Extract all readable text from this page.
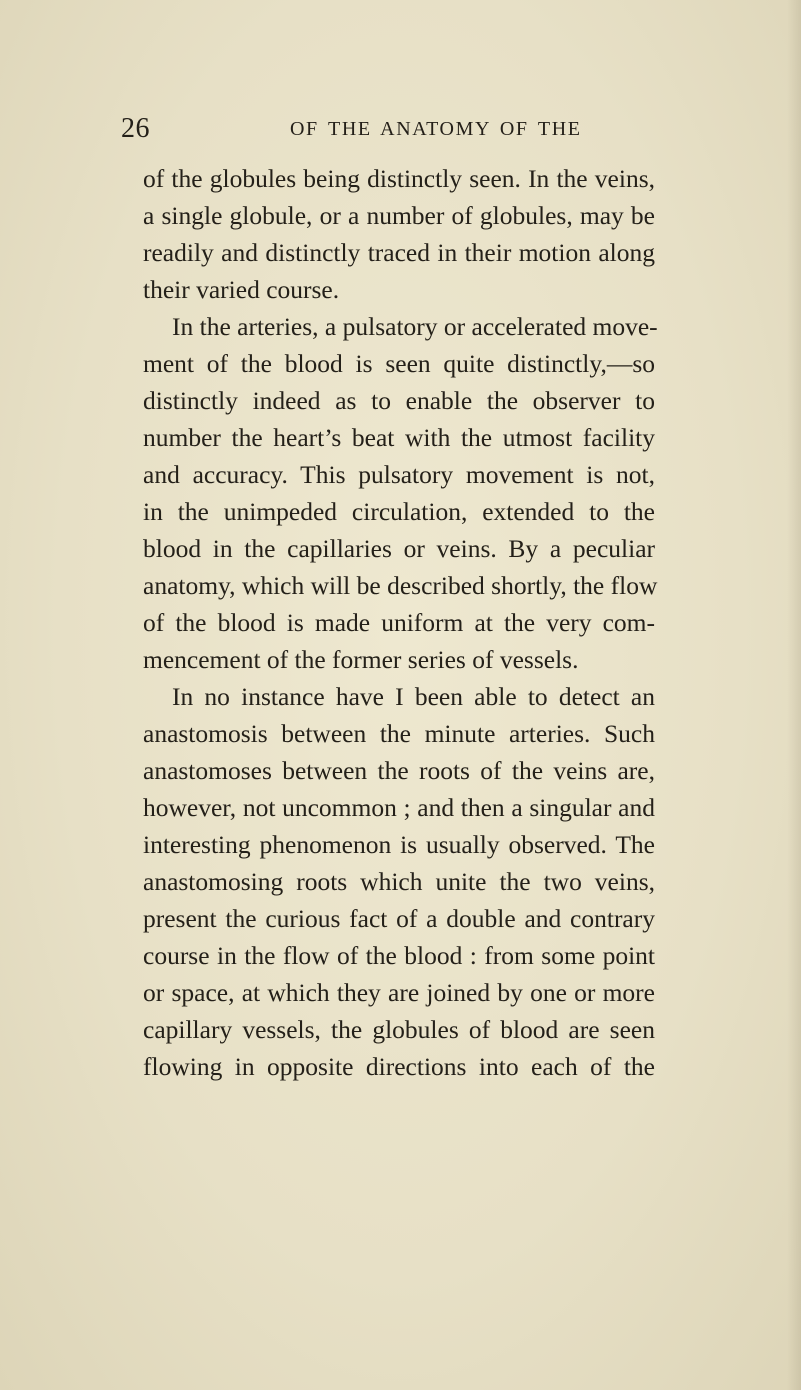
26	OF THE ANATOMY OF THE
of the globules being distinctly seen. In the veins,
a single globule, or a number of globules, may be
readily and distinctly traced in their motion along
their varied course.
In the arteries, a pulsatory or accelerated move-
ment of the blood is seen quite distinctly,—so
distinctly indeed as to enable the observer to
number the heart’s beat with the utmost facility
and accuracy. This pulsatory movement is not,
in the unimpeded circulation, extended to the
blood in the capillaries or veins. By a peculiar
anatomy, which will be described shortly, the flow
of the blood is made uniform at the very com-
mencement of the former series of vessels.
In no instance have I been able to detect an
anastomosis between the minute arteries. Such
anastomoses between the roots of the veins are,
however, not uncommon ; and then a singular and
interesting phenomenon is usually observed. The
anastomosing roots which unite the two veins,
present the curious fact of a double and contrary
course in the flow of the blood : from some point
or space, at which they are joined by one or more
capillary vessels, the globules of blood are seen
flowing in opposite directions into each of the
